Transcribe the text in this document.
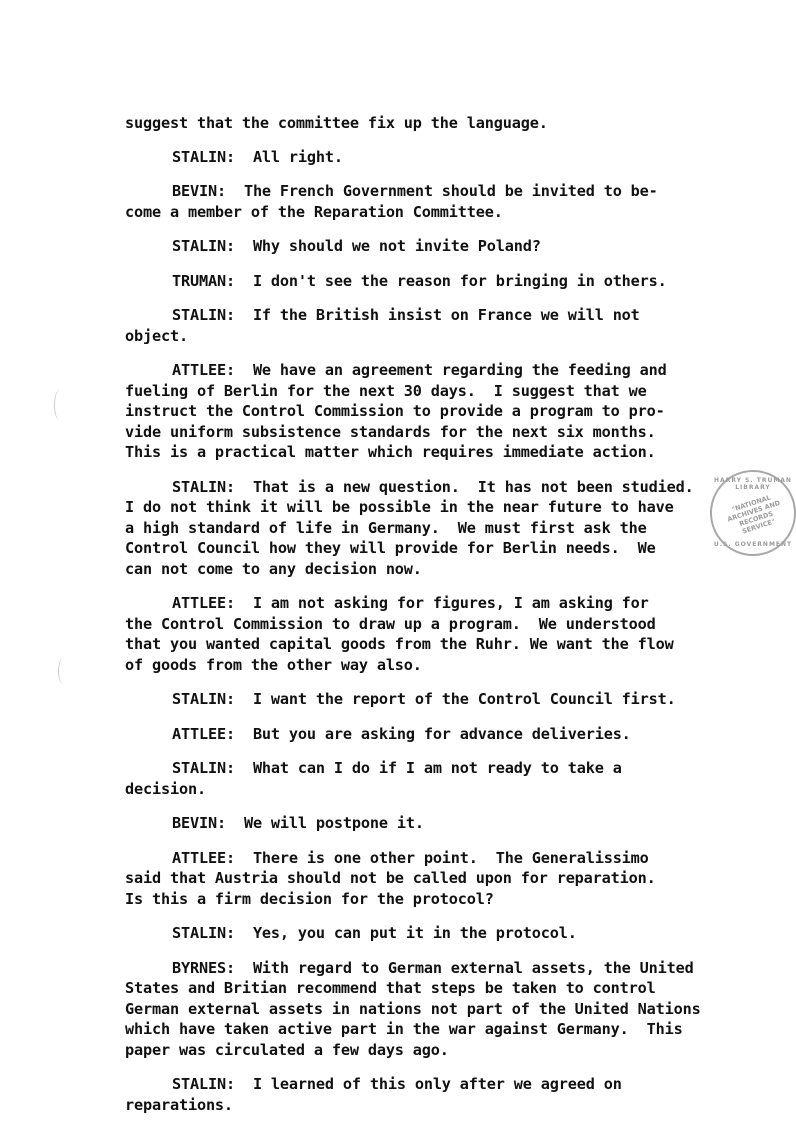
suggest that the committee fix up the language.
STALIN:  All right.
BEVIN:  The French Government should be invited to be-
come a member of the Reparation Committee.
STALIN:  Why should we not invite Poland?
TRUMAN:  I don't see the reason for bringing in others.
STALIN:  If the British insist on France we will not
object.
ATTLEE:  We have an agreement regarding the feeding and
fueling of Berlin for the next 30 days.  I suggest that we
instruct the Control Commission to provide a program to pro-
vide uniform subsistence standards for the next six months.
This is a practical matter which requires immediate action.
STALIN:  That is a new question.  It has not been studied.
I do not think it will be possible in the near future to have
a high standard of life in Germany.  We must first ask the
Control Council how they will provide for Berlin needs.  We
can not come to any decision now.
ATTLEE:  I am not asking for figures, I am asking for
the Control Commission to draw up a program.  We understood
that you wanted capital goods from the Ruhr. We want the flow
of goods from the other way also.
STALIN:  I want the report of the Control Council first.
ATTLEE:  But you are asking for advance deliveries.
STALIN:  What can I do if I am not ready to take a
decision.
BEVIN:  We will postpone it.
ATTLEE:  There is one other point.  The Generalissimo
said that Austria should not be called upon for reparation.
Is this a firm decision for the protocol?
STALIN:  Yes, you can put it in the protocol.
BYRNES:  With regard to German external assets, the United
States and Britian recommend that steps be taken to control
German external assets in nations not part of the United Nations
which have taken active part in the war against Germany.  This
paper was circulated a few days ago.
STALIN:  I learned of this only after we agreed on
reparations.
HARRY S. TRUMAN LIBRARY
"NATIONAL ARCHIVES AND RECORDS SERVICE"
U.S. GOVERNMENT
